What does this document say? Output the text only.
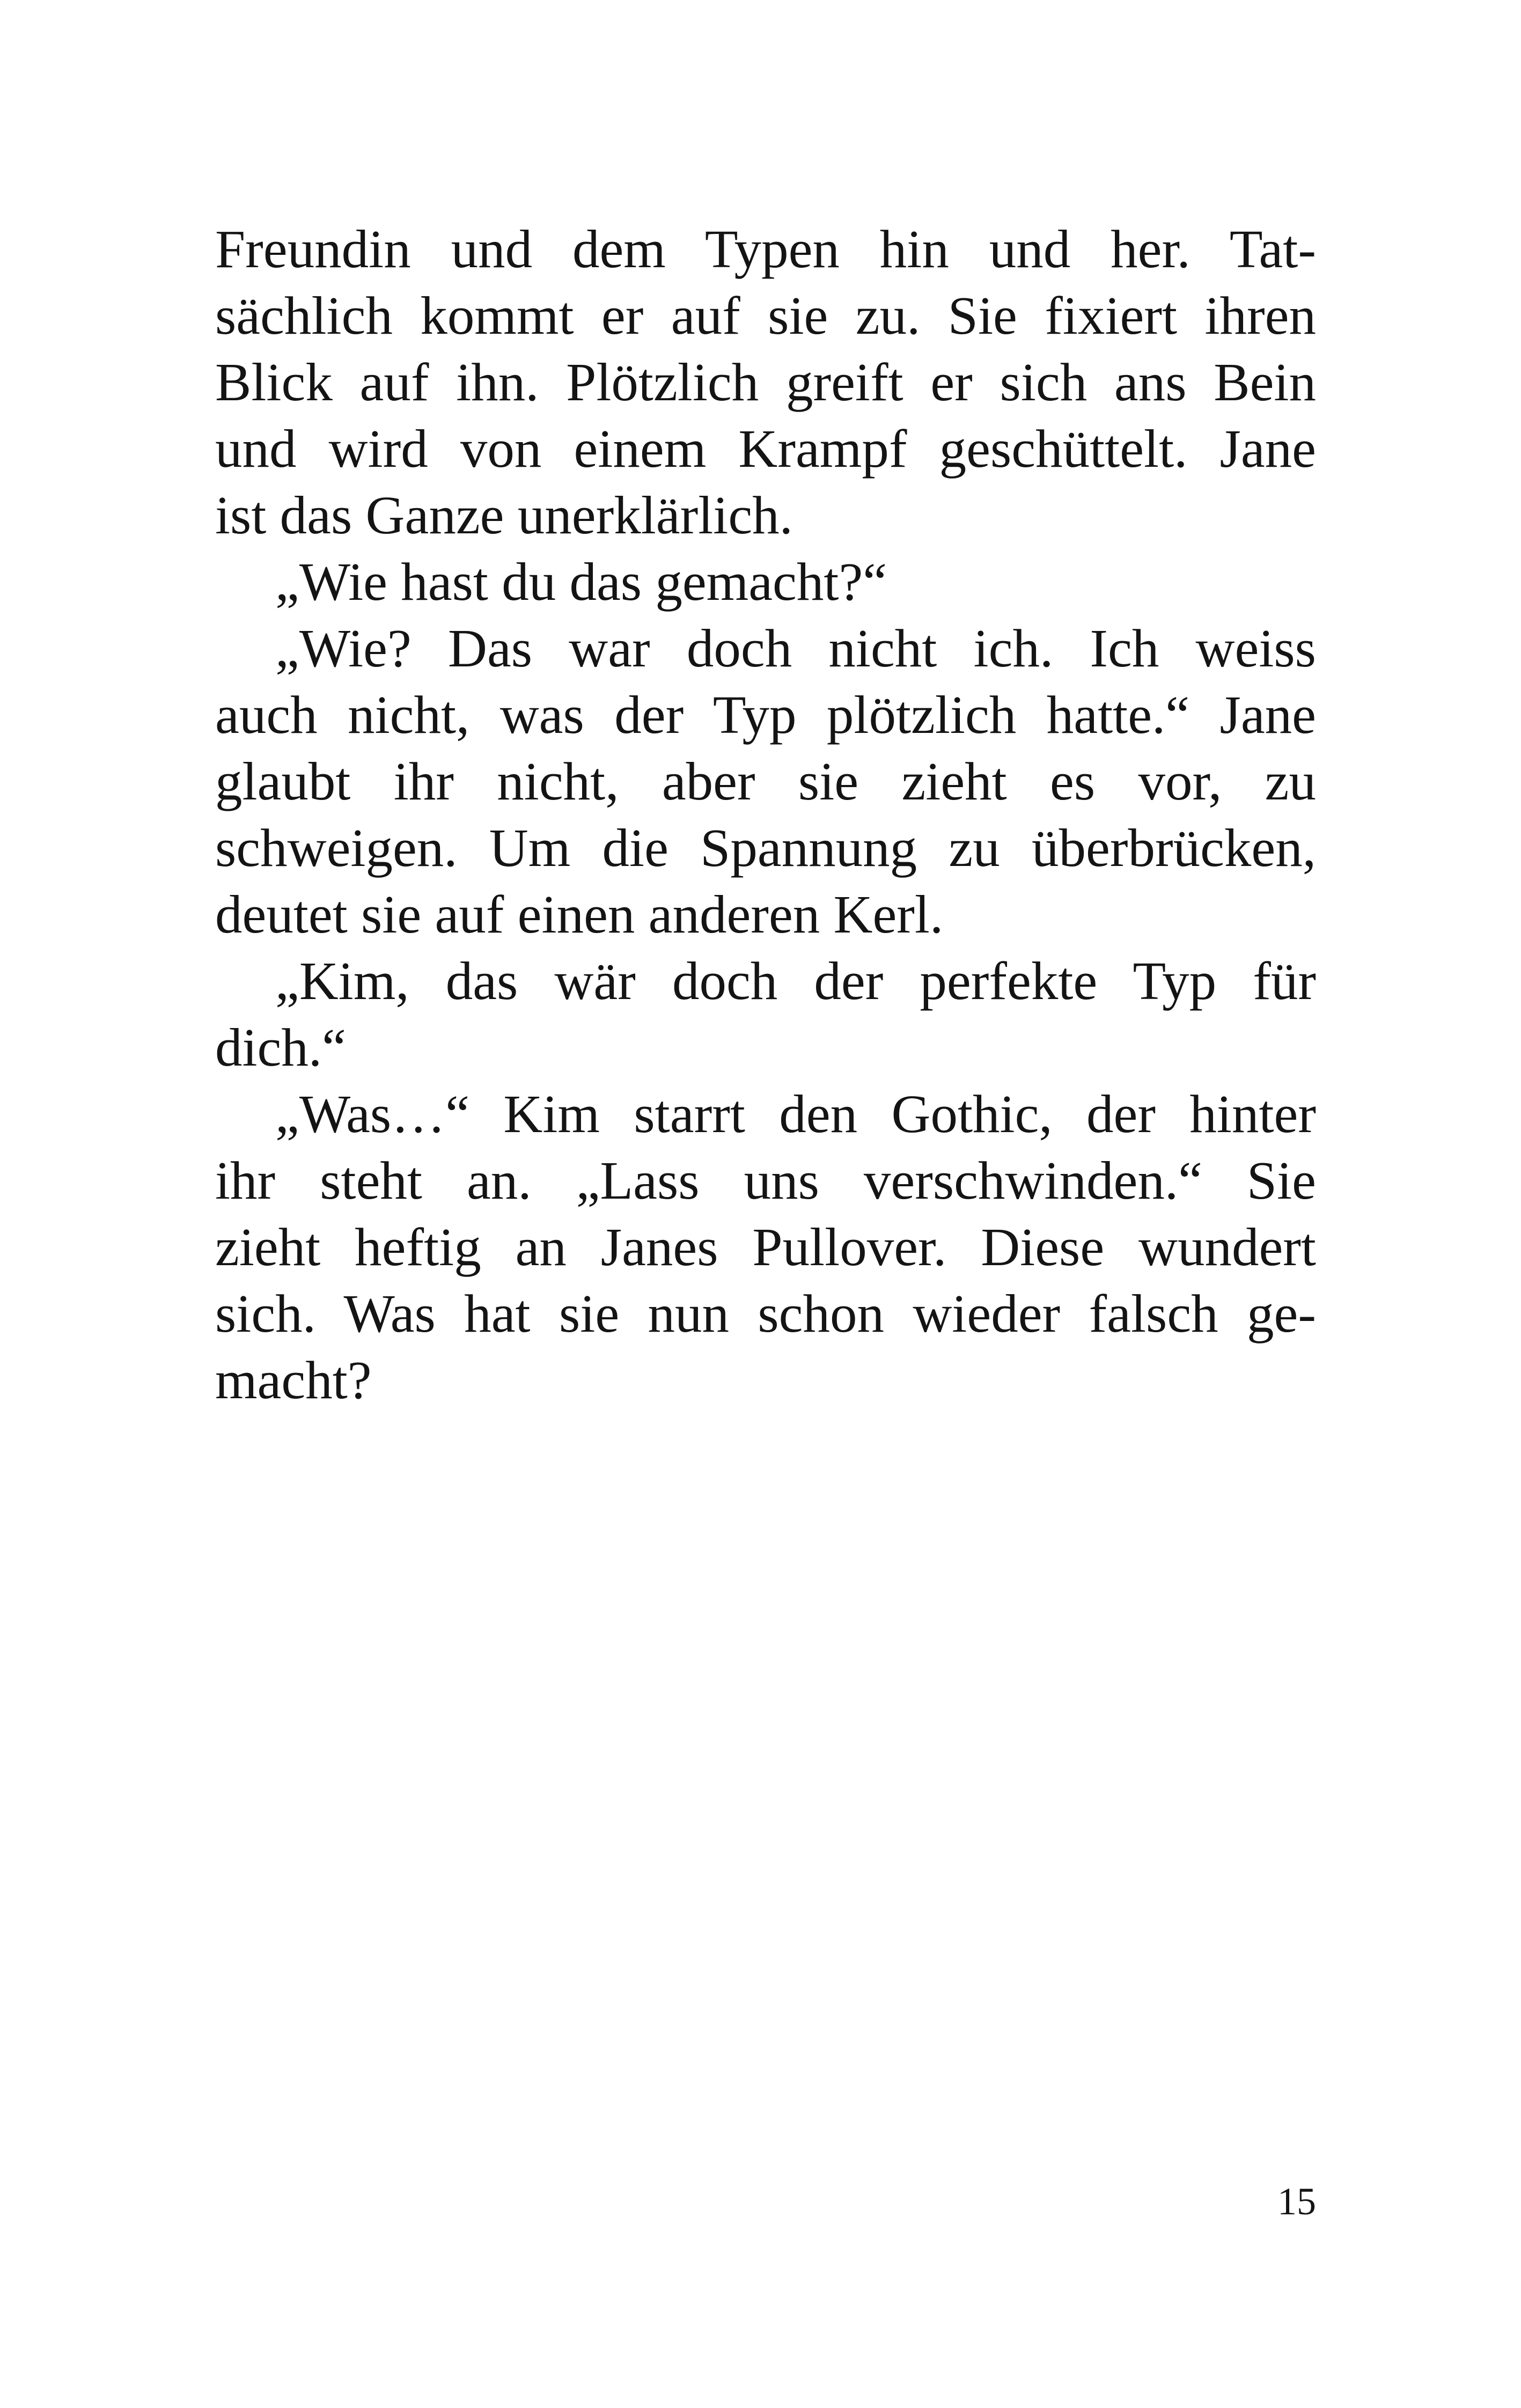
Freundin und dem Typen hin und her. Tat-
sächlich kommt er auf sie zu. Sie fixiert ihren
Blick auf ihn. Plötzlich greift er sich ans Bein
und wird von einem Krampf geschüttelt. Jane
ist das Ganze unerklärlich.
„Wie hast du das gemacht?“
„Wie? Das war doch nicht ich. Ich weiss
auch nicht, was der Typ plötzlich hatte.“ Jane
glaubt ihr nicht, aber sie zieht es vor, zu
schweigen. Um die Spannung zu überbrücken,
deutet sie auf einen anderen Kerl.
„Kim, das wär doch der perfekte Typ für
dich.“
„Was…“ Kim starrt den Gothic, der hinter
ihr steht an. „Lass uns verschwinden.“ Sie
zieht heftig an Janes Pullover. Diese wundert
sich. Was hat sie nun schon wieder falsch ge-
macht?
15
